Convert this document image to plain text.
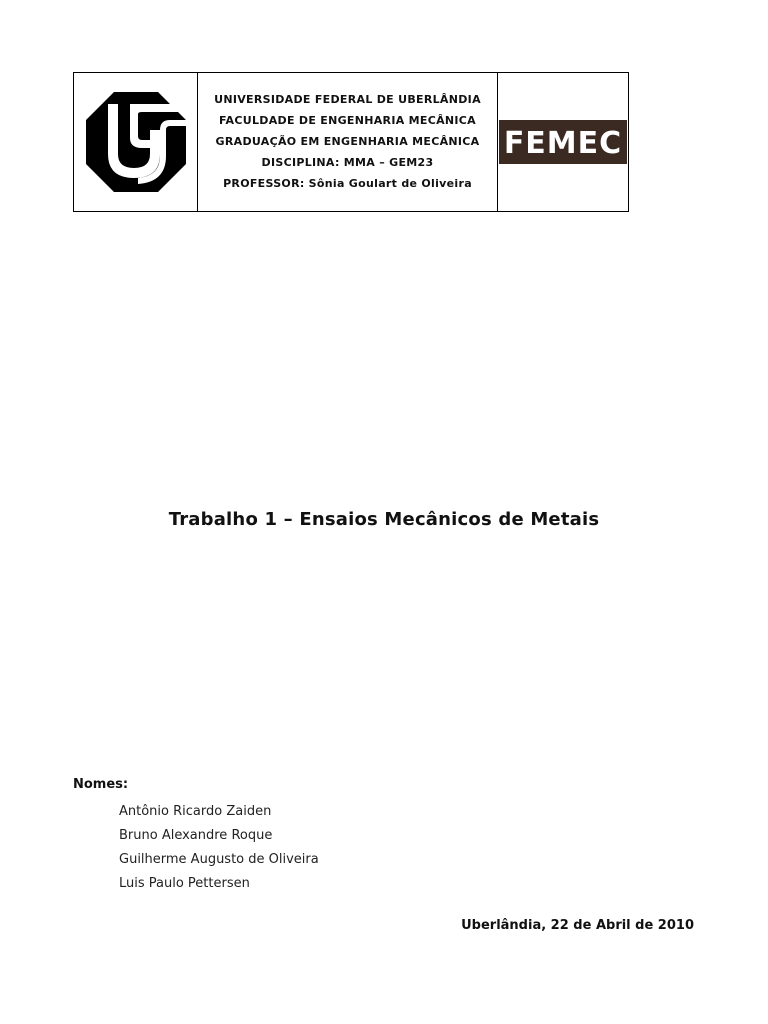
UNIVERSIDADE FEDERAL DE UBERLÂNDIA
FACULDADE DE ENGENHARIA MECÂNICA
GRADUAÇÃO EM ENGENHARIA MECÂNICA
DISCIPLINA: MMA – GEM23
PROFESSOR: Sônia Goulart de Oliveira
FEMEC
Trabalho 1 – Ensaios Mecânicos de Metais
Nomes:
Antônio Ricardo Zaiden
Bruno Alexandre Roque
Guilherme Augusto de Oliveira
Luis Paulo Pettersen
Uberlândia, 22 de Abril de 2010
